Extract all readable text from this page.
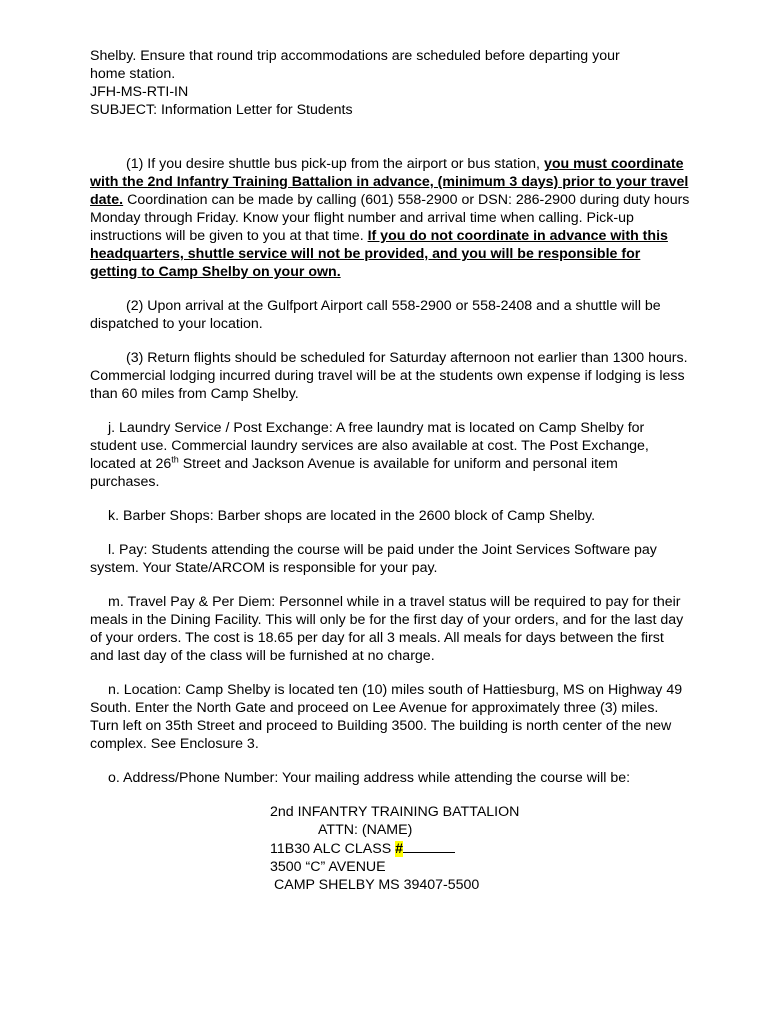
Shelby. Ensure that round trip accommodations are scheduled before departing your

home station.

JFH-MS-RTI-IN

SUBJECT: Information Letter for Students

(1) If you desire shuttle bus pick-up from the airport or bus station, you must coordinate with the 2nd Infantry Training Battalion in advance, (minimum 3 days) prior to your travel date. Coordination can be made by calling (601) 558-2900 or DSN: 286-2900 during duty hours Monday through Friday. Know your flight number and arrival time when calling. Pick-up instructions will be given to you at that time. If you do not coordinate in advance with this headquarters, shuttle service will not be provided, and you will be responsible for getting to Camp Shelby on your own.

(2) Upon arrival at the Gulfport Airport call 558-2900 or 558-2408 and a shuttle will be dispatched to your location.

(3) Return flights should be scheduled for Saturday afternoon not earlier than 1300 hours. Commercial lodging incurred during travel will be at the students own expense if lodging is less than 60 miles from Camp Shelby.

j. Laundry Service / Post Exchange: A free laundry mat is located on Camp Shelby for student use. Commercial laundry services are also available at cost. The Post Exchange, located at 26th Street and Jackson Avenue is available for uniform and personal item purchases.

k. Barber Shops: Barber shops are located in the 2600 block of Camp Shelby.

l. Pay: Students attending the course will be paid under the Joint Services Software pay system. Your State/ARCOM is responsible for your pay.

m. Travel Pay & Per Diem: Personnel while in a travel status will be required to pay for their meals in the Dining Facility. This will only be for the first day of your orders, and for the last day of your orders. The cost is 18.65 per day for all 3 meals. All meals for days between the first and last day of the class will be furnished at no charge.

n. Location: Camp Shelby is located ten (10) miles south of Hattiesburg, MS on Highway 49 South. Enter the North Gate and proceed on Lee Avenue for approximately three (3) miles. Turn left on 35th Street and proceed to Building 3500. The building is north center of the new complex. See Enclosure 3.

o. Address/Phone Number: Your mailing address while attending the course will be:

2nd INFANTRY TRAINING BATTALION

ATTN: (NAME)

11B30 ALC CLASS #

3500 “C” AVENUE

CAMP SHELBY MS 39407-5500
